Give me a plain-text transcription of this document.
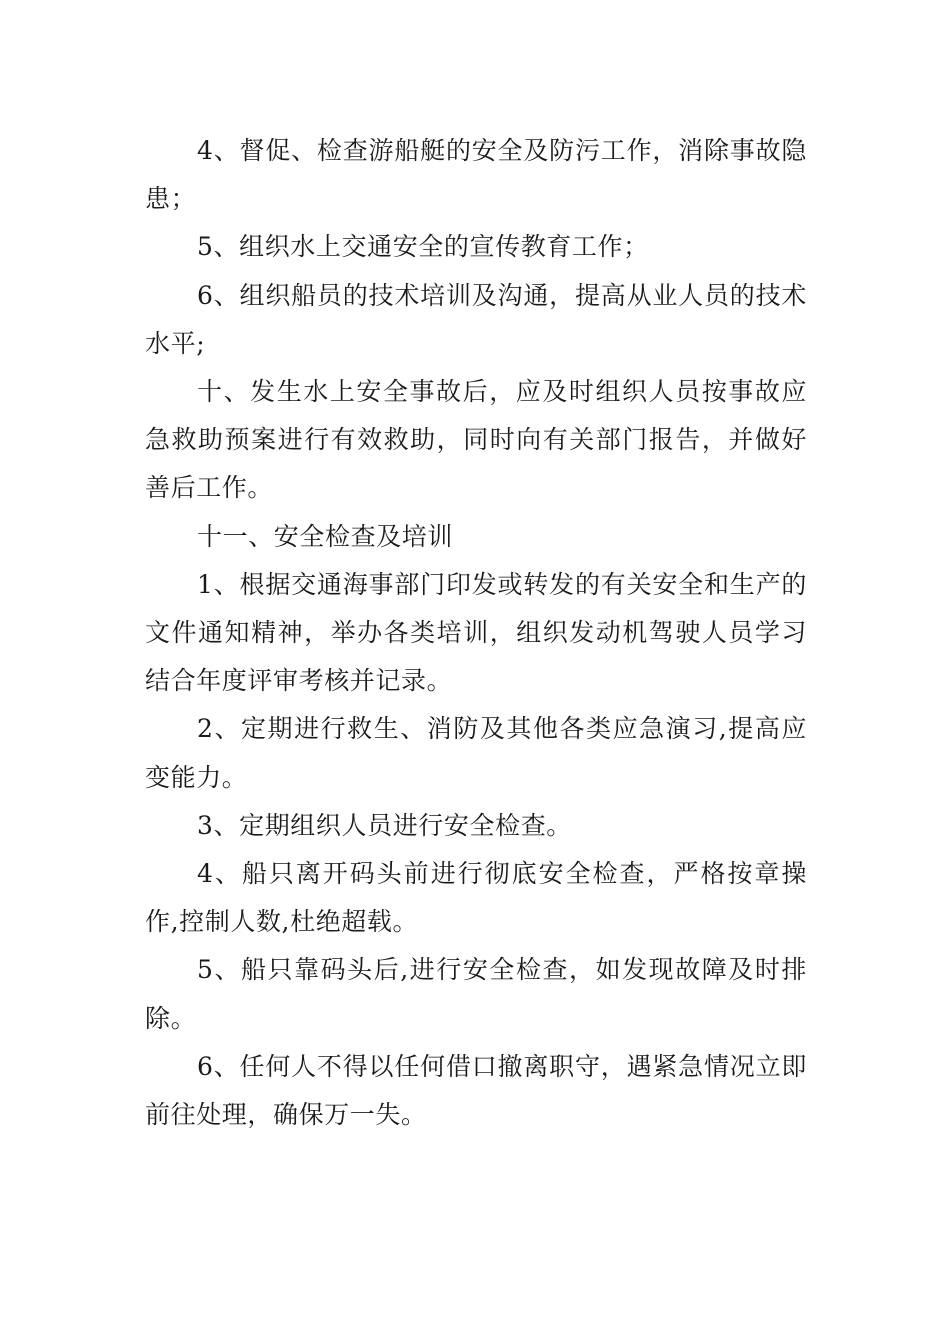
4、督促、检查游船艇的安全及防污工作，消除事故隐患；

5、组织水上交通安全的宣传教育工作；

6、组织船员的技术培训及沟通，提高从业人员的技术水平;

十、发生水上安全事故后，应及时组织人员按事故应急救助预案进行有效救助，同时向有关部门报告，并做好善后工作。

十一、安全检查及培训

1、根据交通海事部门印发或转发的有关安全和生产的文件通知精神，举办各类培训，组织发动机驾驶人员学习结合年度评审考核并记录。

2、定期进行救生、消防及其他各类应急演习,提高应变能力。

3、定期组织人员进行安全检查。

4、船只离开码头前进行彻底安全检查，严格按章操作,控制人数,杜绝超载。

5、船只靠码头后,进行安全检查，如发现故障及时排除。

6、任何人不得以任何借口撤离职守，遇紧急情况立即前往处理，确保万一失。
